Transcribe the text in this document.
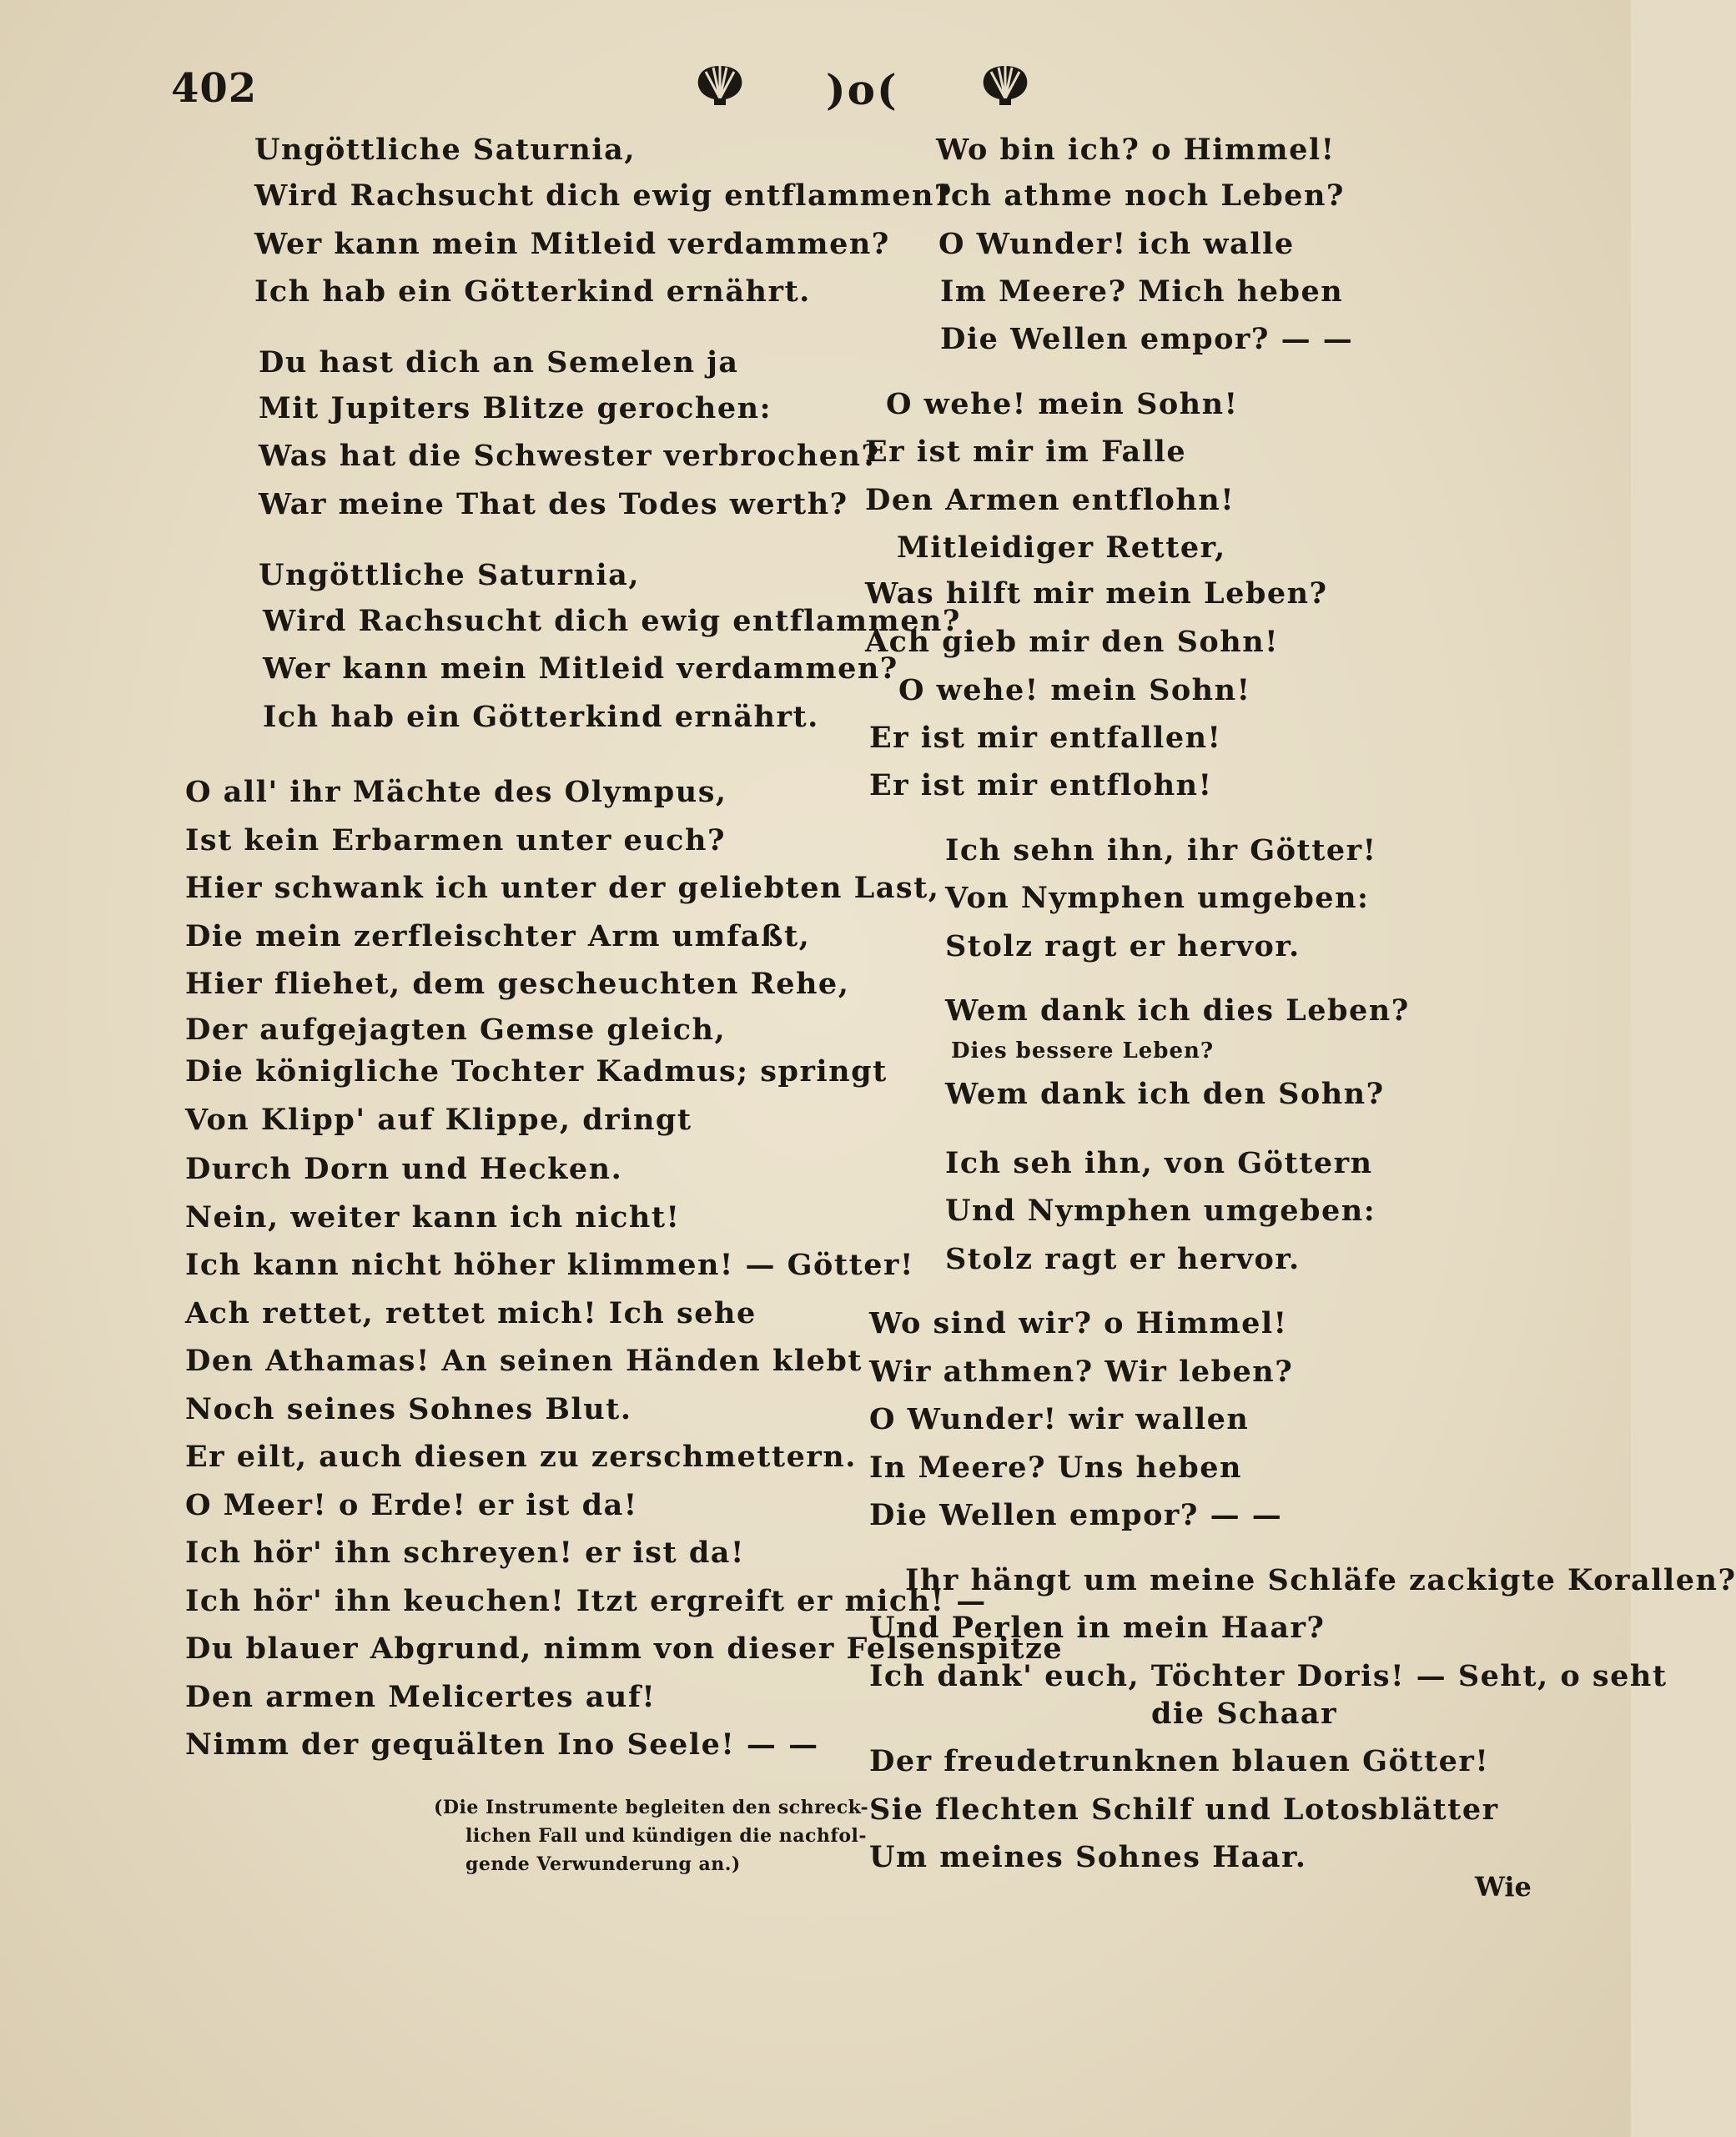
402	)o(
Ungöttliche Saturnia,
Wird Rachsucht dich ewig entflammen?
Wer kann mein Mitleid verdammen?
Ich hab ein Götterkind ernährt.
Du hast dich an Semelen ja
Mit Jupiters Blitze gerochen:
Was hat die Schwester verbrochen?
War meine That des Todes werth?
Ungöttliche Saturnia,
Wird Rachsucht dich ewig entflammen?
Wer kann mein Mitleid verdammen?
Ich hab ein Götterkind ernährt.
O all' ihr Mächte des Olympus,
Ist kein Erbarmen unter euch?
Hier schwank ich unter der geliebten Last,
Die mein zerfleischter Arm umfaßt,
Hier fliehet, dem gescheuchten Rehe,
Der aufgejagten Gemse gleich,
Die königliche Tochter Kadmus; springt
Von Klipp' auf Klippe, dringt
Durch Dorn und Hecken.
Nein, weiter kann ich nicht!
Ich kann nicht höher klimmen! — Götter!
Ach rettet, rettet mich! Ich sehe
Den Athamas! An seinen Händen klebt
Noch seines Sohnes Blut.
Er eilt, auch diesen zu zerschmettern.
O Meer! o Erde! er ist da!
Ich hör' ihn schreyen! er ist da!
Ich hör' ihn keuchen! Itzt ergreift er mich! —
Du blauer Abgrund, nimm von dieser Felsenspitze
Den armen Melicertes auf!
Nimm der gequälten Ino Seele! — —
(Die Instrumente begleiten den schreck-
lichen Fall und kündigen die nachfol-
gende Verwunderung an.)
Wo bin ich? o Himmel!
Ich athme noch Leben?
O Wunder! ich walle
Im Meere? Mich heben
Die Wellen empor? — —
O wehe! mein Sohn!
Er ist mir im Falle
Den Armen entflohn!
Mitleidiger Retter,
Was hilft mir mein Leben?
Ach gieb mir den Sohn!
O wehe! mein Sohn!
Er ist mir entfallen!
Er ist mir entflohn!
Ich sehn ihn, ihr Götter!
Von Nymphen umgeben:
Stolz ragt er hervor.
Wem dank ich dies Leben?
Dies bessere Leben?
Wem dank ich den Sohn?
Ich seh ihn, von Göttern
Und Nymphen umgeben:
Stolz ragt er hervor.
Wo sind wir? o Himmel!
Wir athmen? Wir leben?
O Wunder! wir wallen
In Meere? Uns heben
Die Wellen empor? — —
Ihr hängt um meine Schläfe zackigte Korallen?
Und Perlen in mein Haar?
Ich dank' euch, Töchter Doris! — Seht, o seht
die Schaar
Der freudetrunknen blauen Götter!
Sie flechten Schilf und Lotosblätter
Um meines Sohnes Haar.
Wie
